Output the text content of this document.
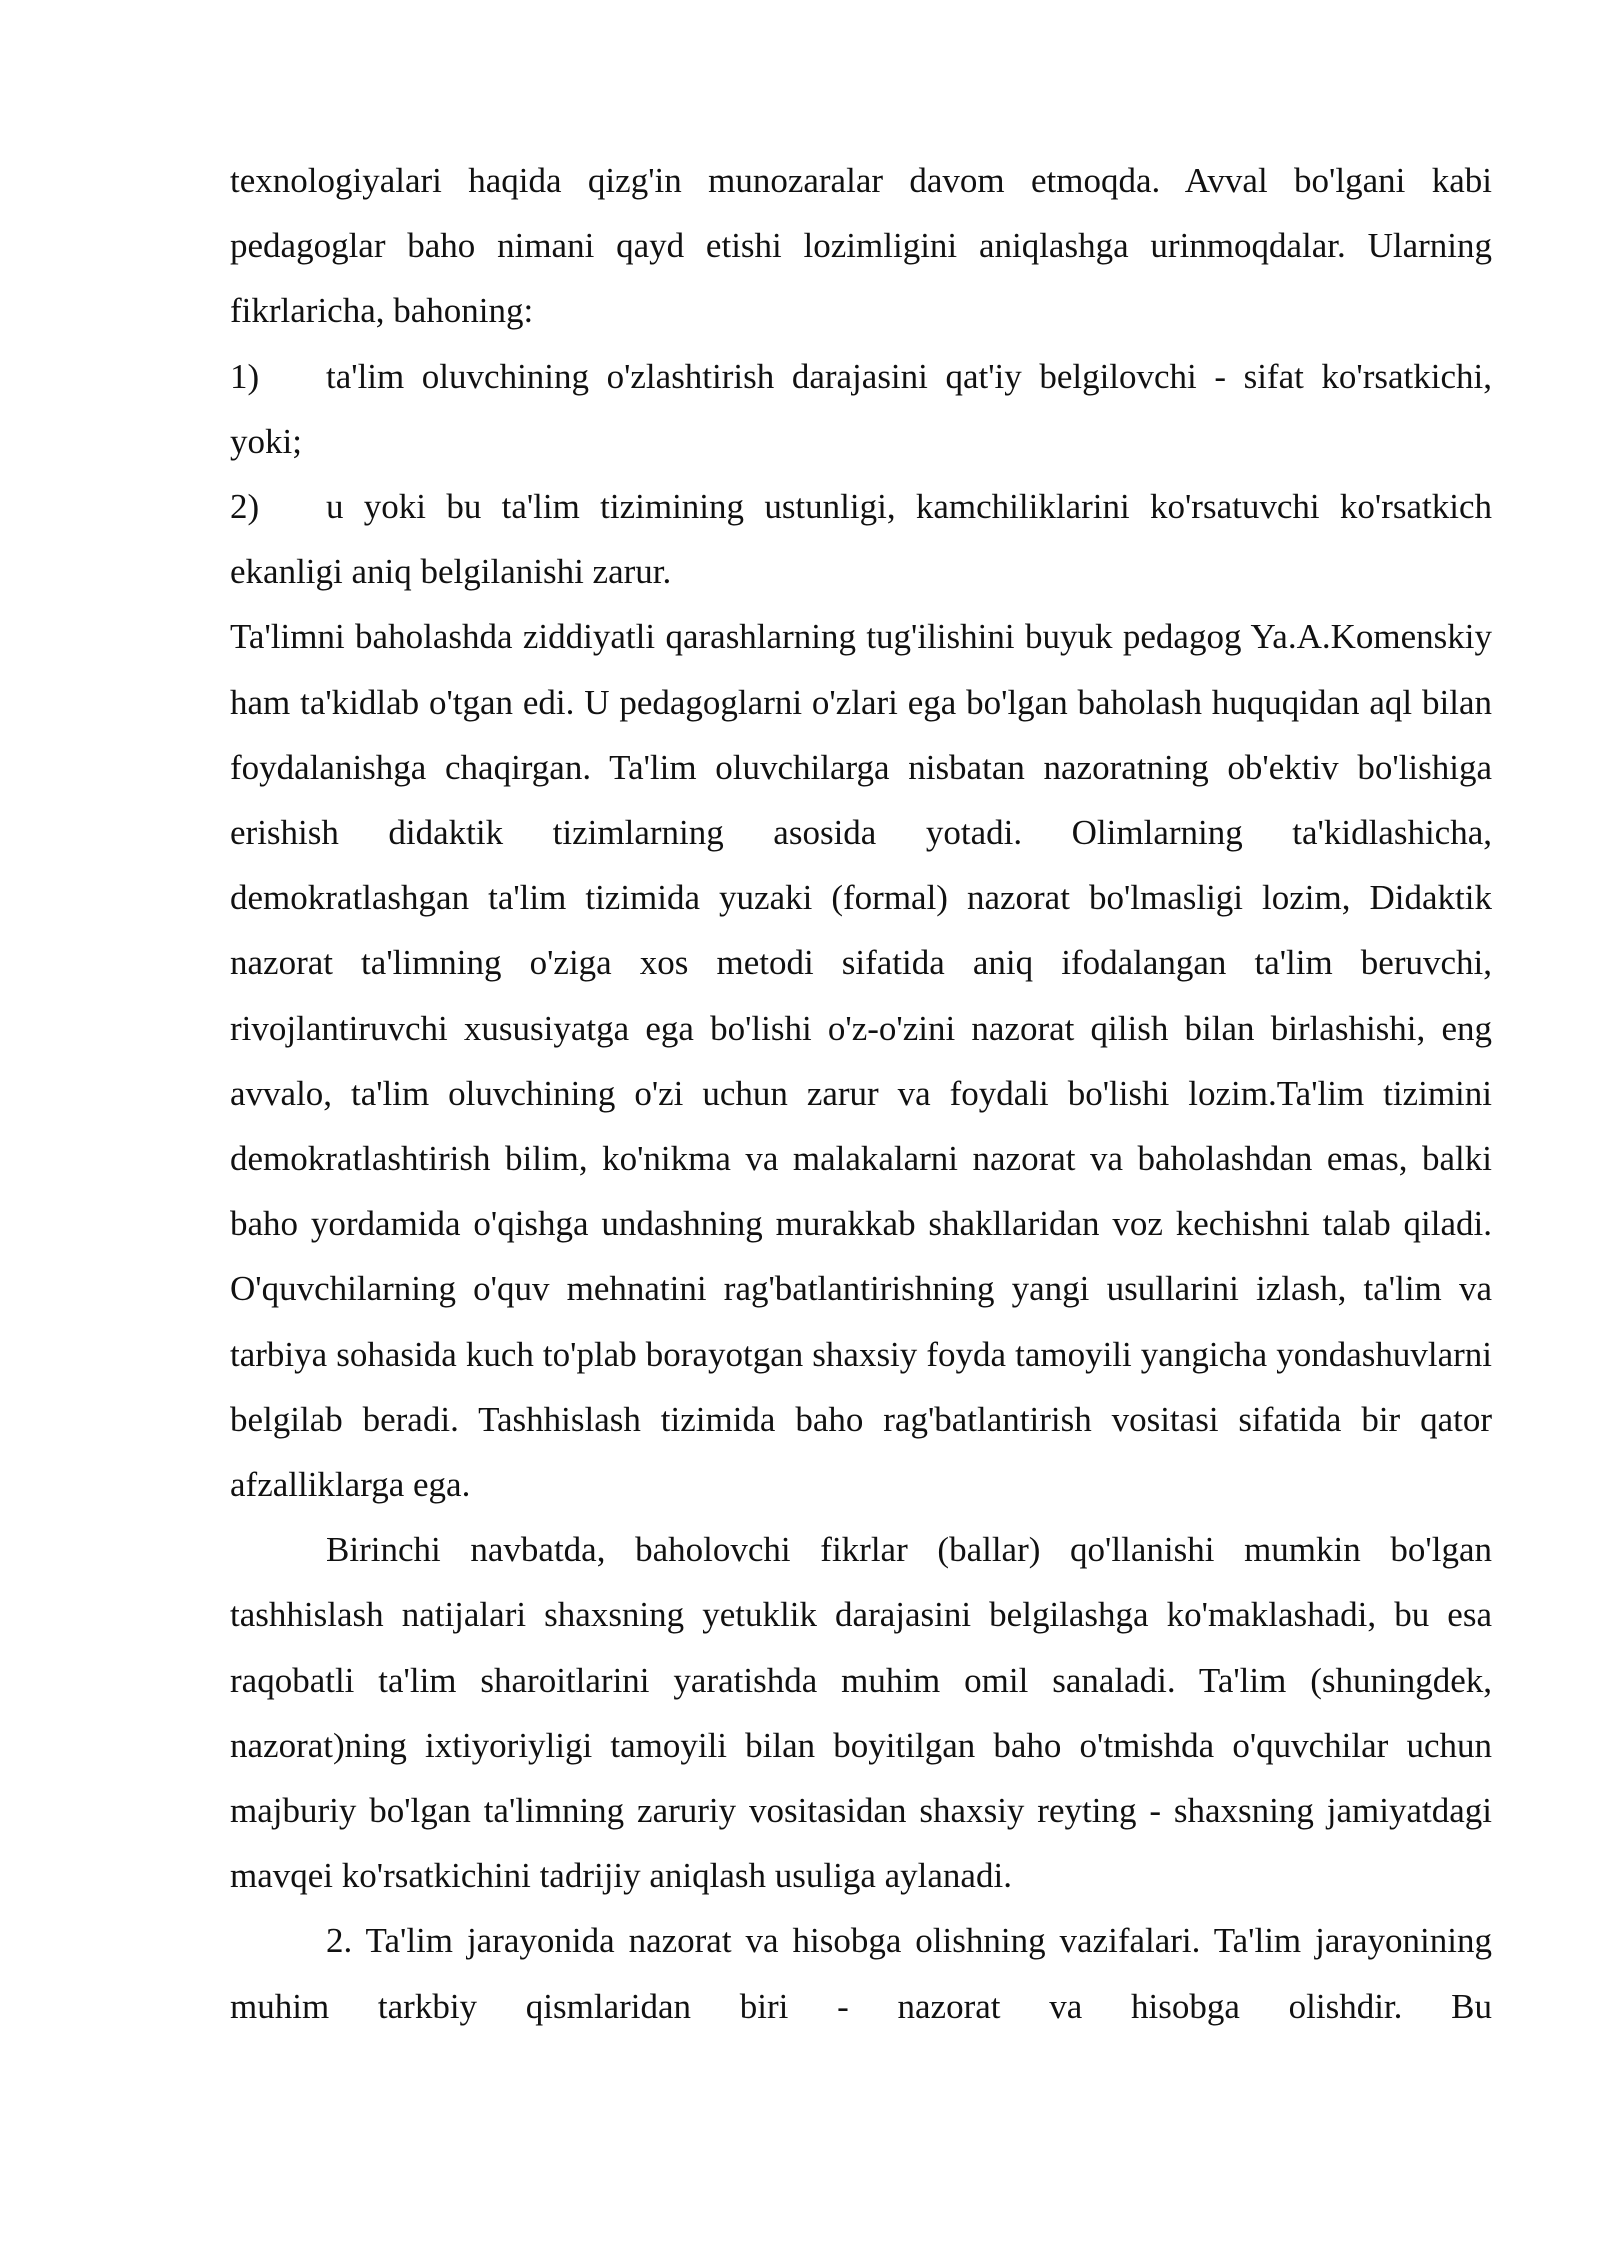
texnologiyalari haqida qizg'in munozaralar davom etmoqda. Avval bo'lgani kabi pedagoglar baho nimani qayd etishi lozimligini aniqlashga urinmoqdalar. Ularning fikrlaricha, bahoning:

1) ta'lim oluvchining o'zlashtirish darajasini qat'iy belgilovchi - sifat ko'rsatkichi, yoki;

2) u yoki bu ta'lim tizimining ustunligi, kamchiliklarini ko'rsatuvchi ko'rsatkich ekanligi aniq belgilanishi zarur.

Ta'limni baholashda ziddiyatli qarashlarning tug'ilishini buyuk pedagog Ya.A.Komenskiy ham ta'kidlab o'tgan edi. U pedagoglarni o'zlari ega bo'lgan baholash huquqidan aql bilan foydalanishga chaqirgan. Ta'lim oluvchilarga nisbatan nazoratning ob'ektiv bo'lishiga erishish didaktik tizimlarning asosida yotadi. Olimlarning ta'kidlashicha, demokratlashgan ta'lim tizimida yuzaki (formal) nazorat bo'lmasligi lozim, Didaktik nazorat ta'limning o'ziga xos metodi sifatida aniq ifodalangan ta'lim beruvchi, rivojlantiruvchi xususiyatga ega bo'lishi o'z-o'zini nazorat qilish bilan birlashishi, eng avvalo, ta'lim oluvchining o'zi uchun zarur va foydali bo'lishi lozim.Ta'lim tizimini demokratlashtirish bilim, ko'nikma va malakalarni nazorat va baholashdan emas, balki baho yordamida o'qishga undashning murakkab shakllaridan voz kechishni talab qiladi. O'quvchilarning o'quv mehnatini rag'batlantirishning yangi usullarini izlash, ta'lim va tarbiya sohasida kuch to'plab borayotgan shaxsiy foyda tamoyili yangicha yondashuvlarni belgilab beradi. Tashhislash tizimida baho rag'batlantirish vositasi sifatida bir qator afzalliklarga ega.

Birinchi navbatda, baholovchi fikrlar (ballar) qo'llanishi mumkin bo'lgan tashhislash natijalari shaxsning yetuklik darajasini belgilashga ko'maklashadi, bu esa raqobatli ta'lim sharoitlarini yaratishda muhim omil sanaladi. Ta'lim (shuningdek, nazorat)ning ixtiyoriyligi tamoyili bilan boyitilgan baho o'tmishda o'quvchilar uchun majburiy bo'lgan ta'limning zaruriy vositasidan shaxsiy reyting - shaxsning jamiyatdagi mavqei ko'rsatkichini tadrijiy aniqlash usuliga aylanadi.

2. Ta'lim jarayonida nazorat va hisobga olishning vazifalari. Ta'lim jarayonining muhim tarkbiy qismlaridan biri - nazorat va hisobga olishdir. Bu
